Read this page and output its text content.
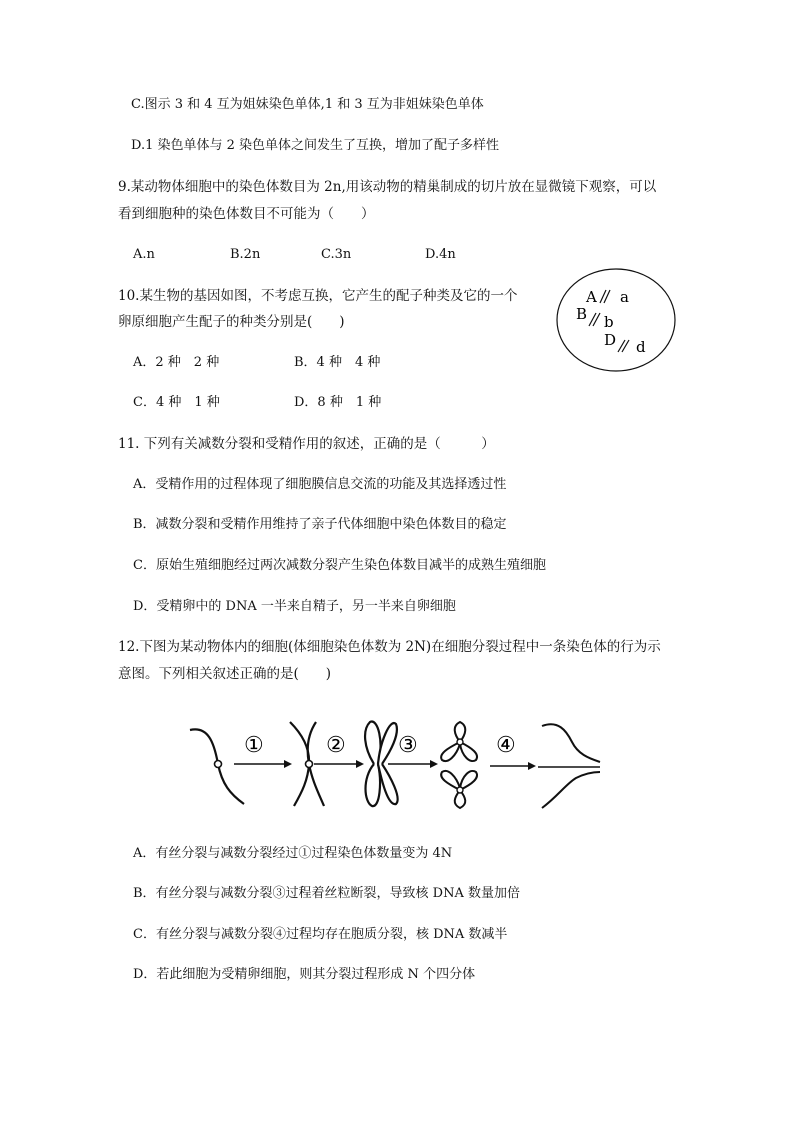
C.图示 3 和 4 互为姐妹染色单体,1 和 3 互为非姐妹染色单体
D.1 染色单体与 2 染色单体之间发生了互换，增加了配子多样性
9.某动物体细胞中的染色体数目为 2n,用该动物的精巢制成的切片放在显微镜下观察，可以
看到细胞种的染色体数目不可能为（　　）
A.n	B.2n	C.3n	D.4n
10.某生物的基因如图，不考虑互换，它产生的配子种类及它的一个
卵原细胞产生配子的种类分别是(　　)
A．2 种　2 种	B．4 种　4 种
C．4 种　1 种	D．8 种　1 种
A a
B b
D d
11. 下列有关减数分裂和受精作用的叙述，正确的是（　　　）
A．受精作用的过程体现了细胞膜信息交流的功能及其选择透过性
B．减数分裂和受精作用维持了亲子代体细胞中染色体数目的稳定
C．原始生殖细胞经过两次减数分裂产生染色体数目减半的成熟生殖细胞
D．受精卵中的 DNA 一半来自精子，另一半来自卵细胞
12.下图为某动物体内的细胞(体细胞染色体数为 2N)在细胞分裂过程中一条染色体的行为示
意图。下列相关叙述正确的是(　　)
①	② ③	④
A．有丝分裂与减数分裂经过①过程染色体数量变为 4N
B．有丝分裂与减数分裂③过程着丝粒断裂，导致核 DNA 数量加倍
C．有丝分裂与减数分裂④过程均存在胞质分裂，核 DNA 数减半
D．若此细胞为受精卵细胞，则其分裂过程形成 N 个四分体
